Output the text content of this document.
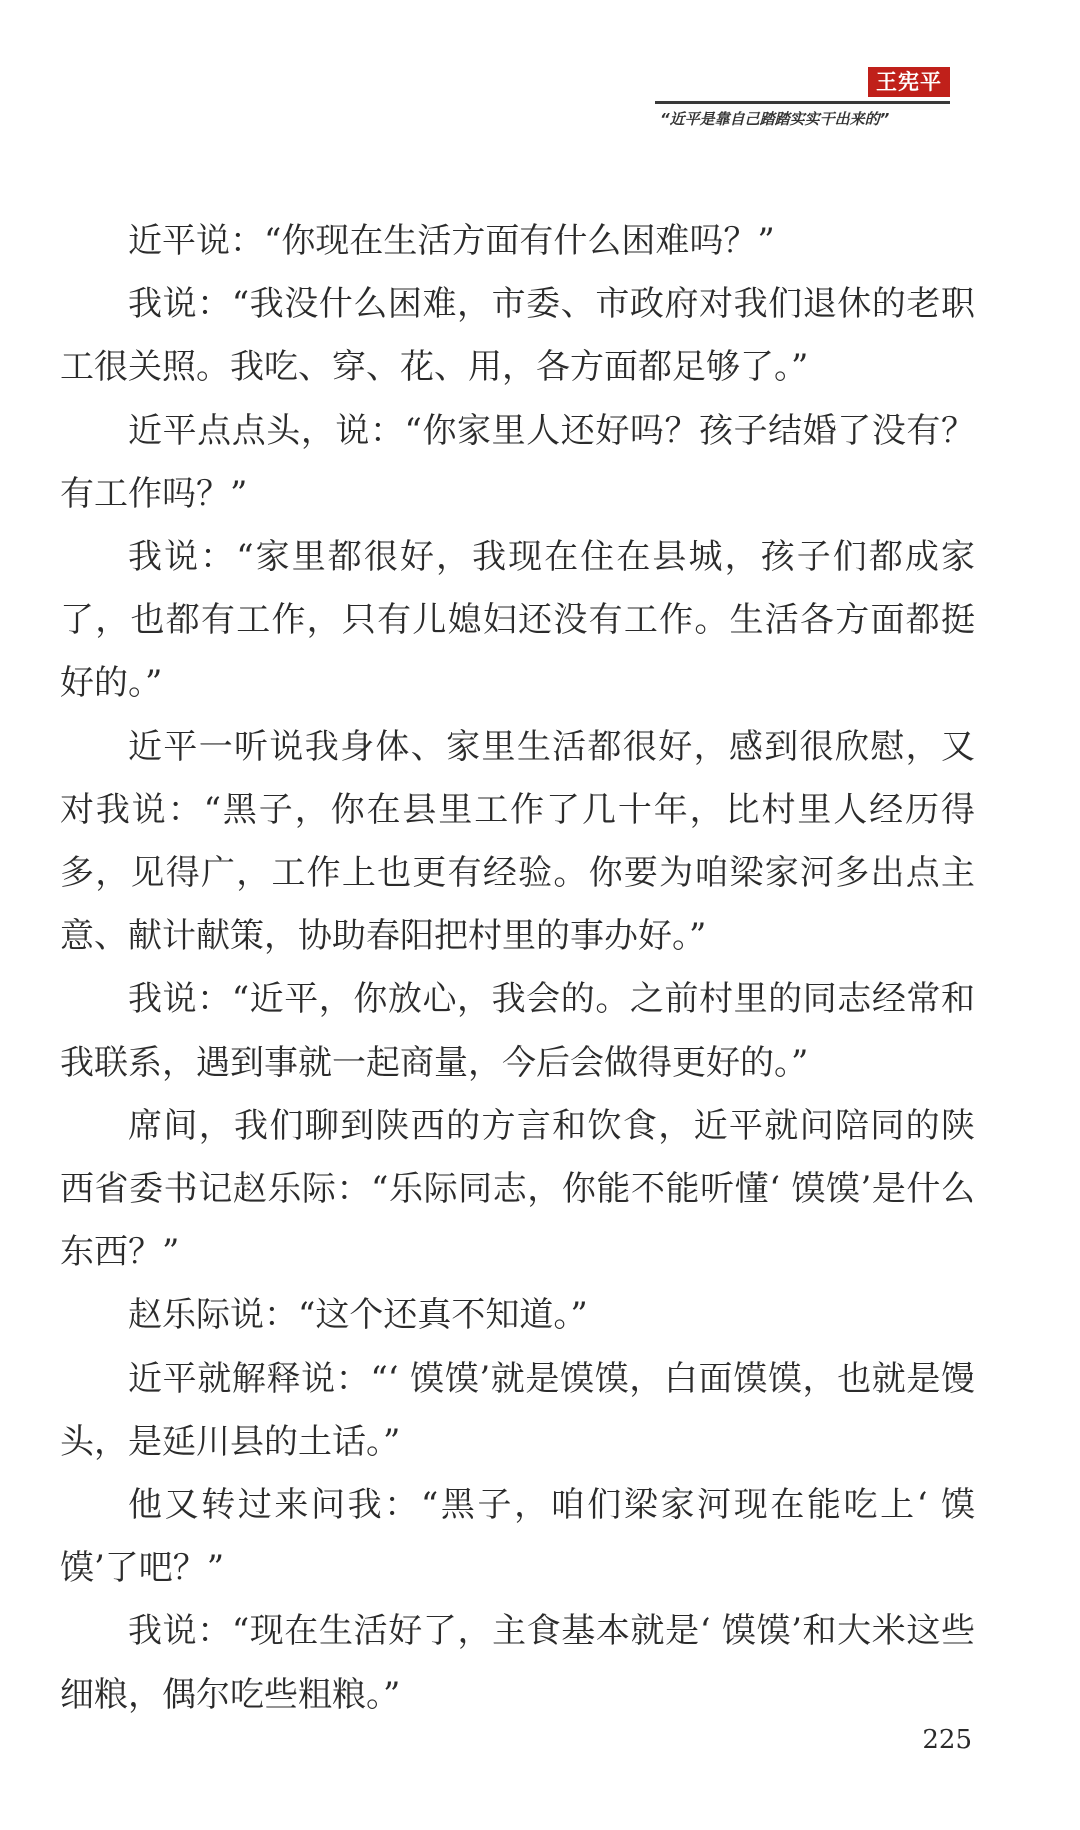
王宪平
“近平是靠自己踏踏实实干出来的”

近平说：“你现在生活方面有什么困难吗？”

我说：“我没什么困难，市委、市政府对我们退休的老职工很关照。我吃、穿、花、用，各方面都足够了。”

近平点点头，说：“你家里人还好吗？孩子结婚了没有？有工作吗？”

我说：“家里都很好，我现在住在县城，孩子们都成家了，也都有工作，只有儿媳妇还没有工作。生活各方面都挺好的。”

近平一听说我身体、家里生活都很好，感到很欣慰，又对我说：“黑子，你在县里工作了几十年，比村里人经历得多，见得广，工作上也更有经验。你要为咱梁家河多出点主意、献计献策，协助春阳把村里的事办好。”

我说：“近平，你放心，我会的。之前村里的同志经常和我联系，遇到事就一起商量，今后会做得更好的。”

席间，我们聊到陕西的方言和饮食，近平就问陪同的陕西省委书记赵乐际：“乐际同志，你能不能听懂‘ 馍馍’是什么东西？”

赵乐际说：“这个还真不知道。”

近平就解释说：“‘ 馍馍’就是馍馍，白面馍馍，也就是馒头，是延川县的土话。”

他又转过来问我：“黑子，咱们梁家河现在能吃上‘ 馍馍’了吧？”

我说：“现在生活好了，主食基本就是‘ 馍馍’和大米这些细粮，偶尔吃些粗粮。”

225
